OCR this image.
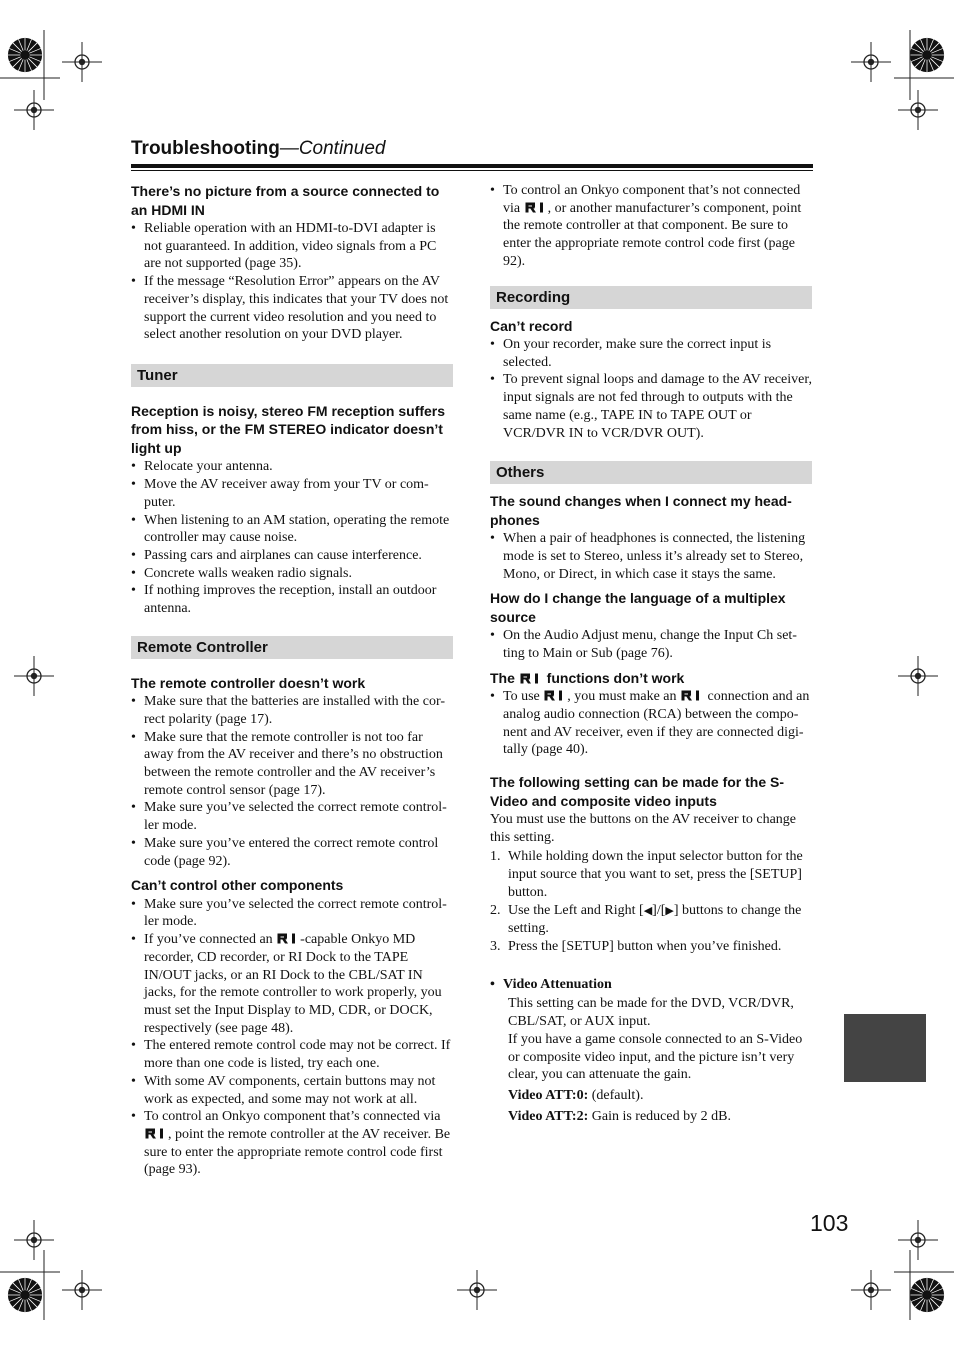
Troubleshooting—Continued
There’s no picture from a source connected to an HDMI IN
• Reliable operation with an HDMI-to-DVI adapter is not guaranteed. In addition, video signals from a PC are not supported (page 35).
• If the message “Resolution Error” appears on the AV receiver’s display, this indicates that your TV does not support the current video resolution and you need to select another resolution on your DVD player.
Tuner
Reception is noisy, stereo FM reception suffers from hiss, or the FM STEREO indicator doesn’t light up
• Relocate your antenna.
• Move the AV receiver away from your TV or com-puter.
• When listening to an AM station, operating the remote controller may cause noise.
• Passing cars and airplanes can cause interference.
• Concrete walls weaken radio signals.
• If nothing improves the reception, install an outdoor antenna.
Remote Controller
The remote controller doesn’t work
• Make sure that the batteries are installed with the cor-rect polarity (page 17).
• Make sure that the remote controller is not too far away from the AV receiver and there’s no obstruction between the remote controller and the AV receiver’s remote control sensor (page 17).
• Make sure you’ve selected the correct remote control-ler mode.
• Make sure you’ve entered the correct remote control code (page 92).
Can’t control other components
• Make sure you’ve selected the correct remote control-ler mode.
• If you’ve connected an -capable Onkyo MD recorder, CD recorder, or RI Dock to the TAPE IN/OUT jacks, or an RI Dock to the CBL/SAT IN jacks, for the remote controller to work properly, you must set the Input Display to MD, CDR, or DOCK, respectively (see page 48).
• The entered remote control code may not be correct. If more than one code is listed, try each one.
• With some AV components, certain buttons may not work as expected, and some may not work at all.
• To control an Onkyo component that’s connected via , point the remote controller at the AV receiver. Be sure to enter the appropriate remote control code first (page 93).
• To control an Onkyo component that’s not connected via , or another manufacturer’s component, point the remote controller at that component. Be sure to enter the appropriate remote control code first (page 92).
Recording
Can’t record
• On your recorder, make sure the correct input is selected.
• To prevent signal loops and damage to the AV receiver, input signals are not fed through to outputs with the same name (e.g., TAPE IN to TAPE OUT or VCR/DVR IN to VCR/DVR OUT).
Others
The sound changes when I connect my head-phones
• When a pair of headphones is connected, the listening mode is set to Stereo, unless it’s already set to Stereo, Mono, or Direct, in which case it stays the same.
How do I change the language of a multiplex source
• On the Audio Adjust menu, change the Input Ch set-ting to Main or Sub (page 76).
The functions don’t work
• To use , you must make an connection and an analog audio connection (RCA) between the compo-nent and AV receiver, even if they are connected digi-tally (page 40).
The following setting can be made for the S-Video and composite video inputs
You must use the buttons on the AV receiver to change this setting.
1. While holding down the input selector button for the input source that you want to set, press the [SETUP] button.
2. Use the Left and Right [◀]/[▶] buttons to change the setting.
3. Press the [SETUP] button when you’ve finished.
• Video Attenuation
This setting can be made for the DVD, VCR/DVR, CBL/SAT, or AUX input.
If you have a game console connected to an S-Video or composite video input, and the picture isn’t very clear, you can attenuate the gain.
Video ATT:0: (default).
Video ATT:2: Gain is reduced by 2 dB.
103
